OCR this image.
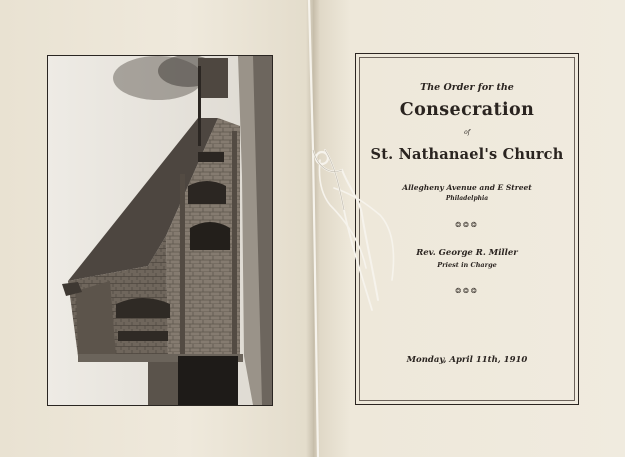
The Order for the
Consecration
of
St. Nathanael's Church
Allegheny Avenue and E Street
Philadelphia
❂❂❂
Rev. George R. Miller
Priest in Charge
❂❂❂
Monday, April 11th, 1910
